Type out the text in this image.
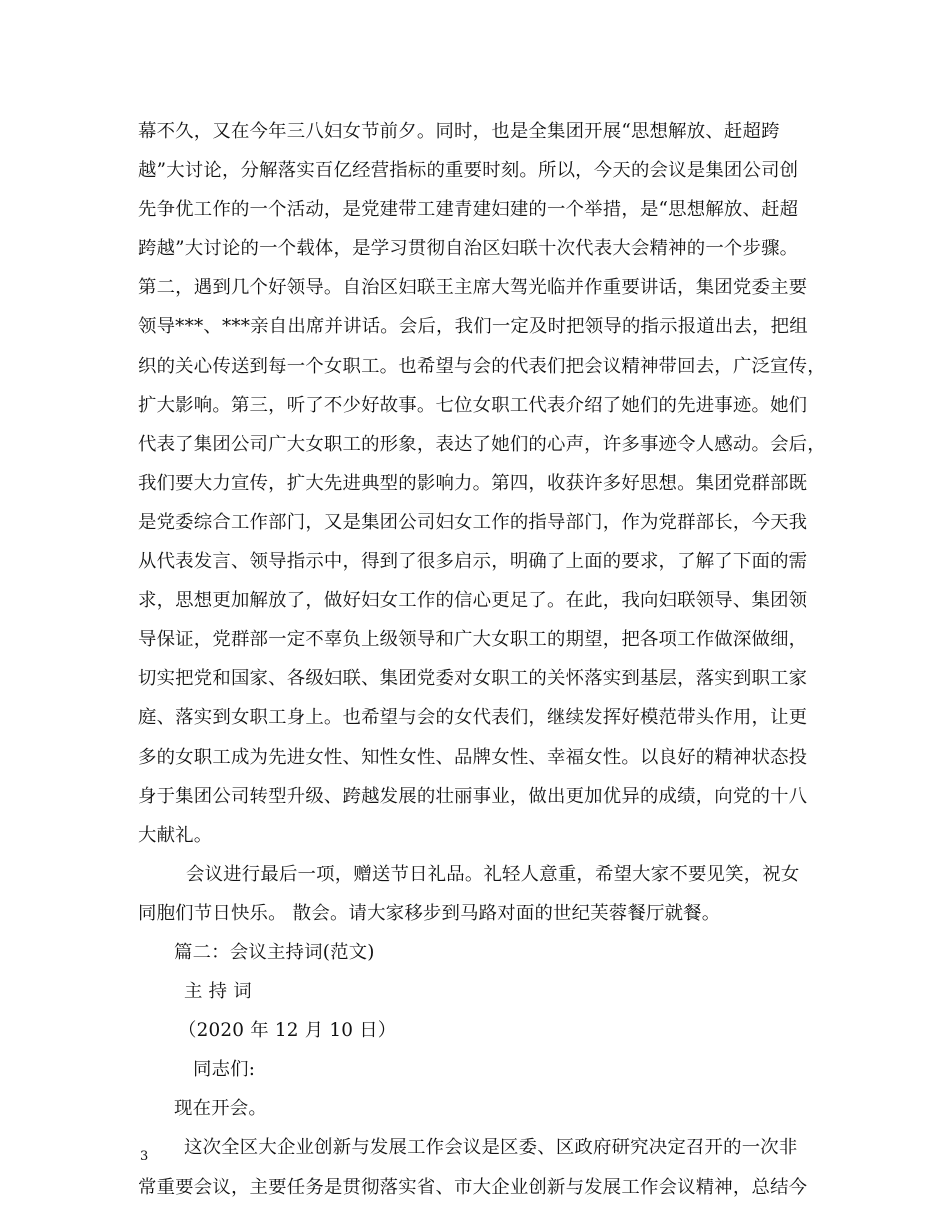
幕不久，又在今年三八妇女节前夕。同时，也是全集团开展“思想解放、赶超跨
越”大讨论，分解落实百亿经营指标的重要时刻。所以，今天的会议是集团公司创
先争优工作的一个活动，是党建带工建青建妇建的一个举措，是“思想解放、赶超
跨越”大讨论的一个载体，是学习贯彻自治区妇联十次代表大会精神的一个步骤。
第二，遇到几个好领导。自治区妇联王主席大驾光临并作重要讲话，集团党委主要
领导***、***亲自出席并讲话。会后，我们一定及时把领导的指示报道出去，把组
织的关心传送到每一个女职工。也希望与会的代表们把会议精神带回去，广泛宣传，
扩大影响。第三，听了不少好故事。七位女职工代表介绍了她们的先进事迹。她们
代表了集团公司广大女职工的形象，表达了她们的心声，许多事迹令人感动。会后，
我们要大力宣传，扩大先进典型的影响力。第四，收获许多好思想。集团党群部既
是党委综合工作部门，又是集团公司妇女工作的指导部门，作为党群部长，今天我
从代表发言、领导指示中，得到了很多启示，明确了上面的要求，了解了下面的需
求，思想更加解放了，做好妇女工作的信心更足了。在此，我向妇联领导、集团领
导保证，党群部一定不辜负上级领导和广大女职工的期望，把各项工作做深做细，
切实把党和国家、各级妇联、集团党委对女职工的关怀落实到基层，落实到职工家
庭、落实到女职工身上。也希望与会的女代表们，继续发挥好模范带头作用，让更
多的女职工成为先进女性、知性女性、品牌女性、幸福女性。以良好的精神状态投
身于集团公司转型升级、跨越发展的壮丽事业，做出更加优异的成绩，向党的十八
大献礼。
会议进行最后一项，赠送节日礼品。礼轻人意重，希望大家不要见笑，祝女
同胞们节日快乐。 散会。请大家移步到马路对面的世纪芙蓉餐厅就餐。
篇二：会议主持词(范文)
主 持 词
（2020 年 12 月 10 日）
同志们:
现在开会。
这次全区大企业创新与发展工作会议是区委、区政府研究决定召开的一次非
常重要会议，主要任务是贯彻落实省、市大企业创新与发展工作会议精神，总结今
3
